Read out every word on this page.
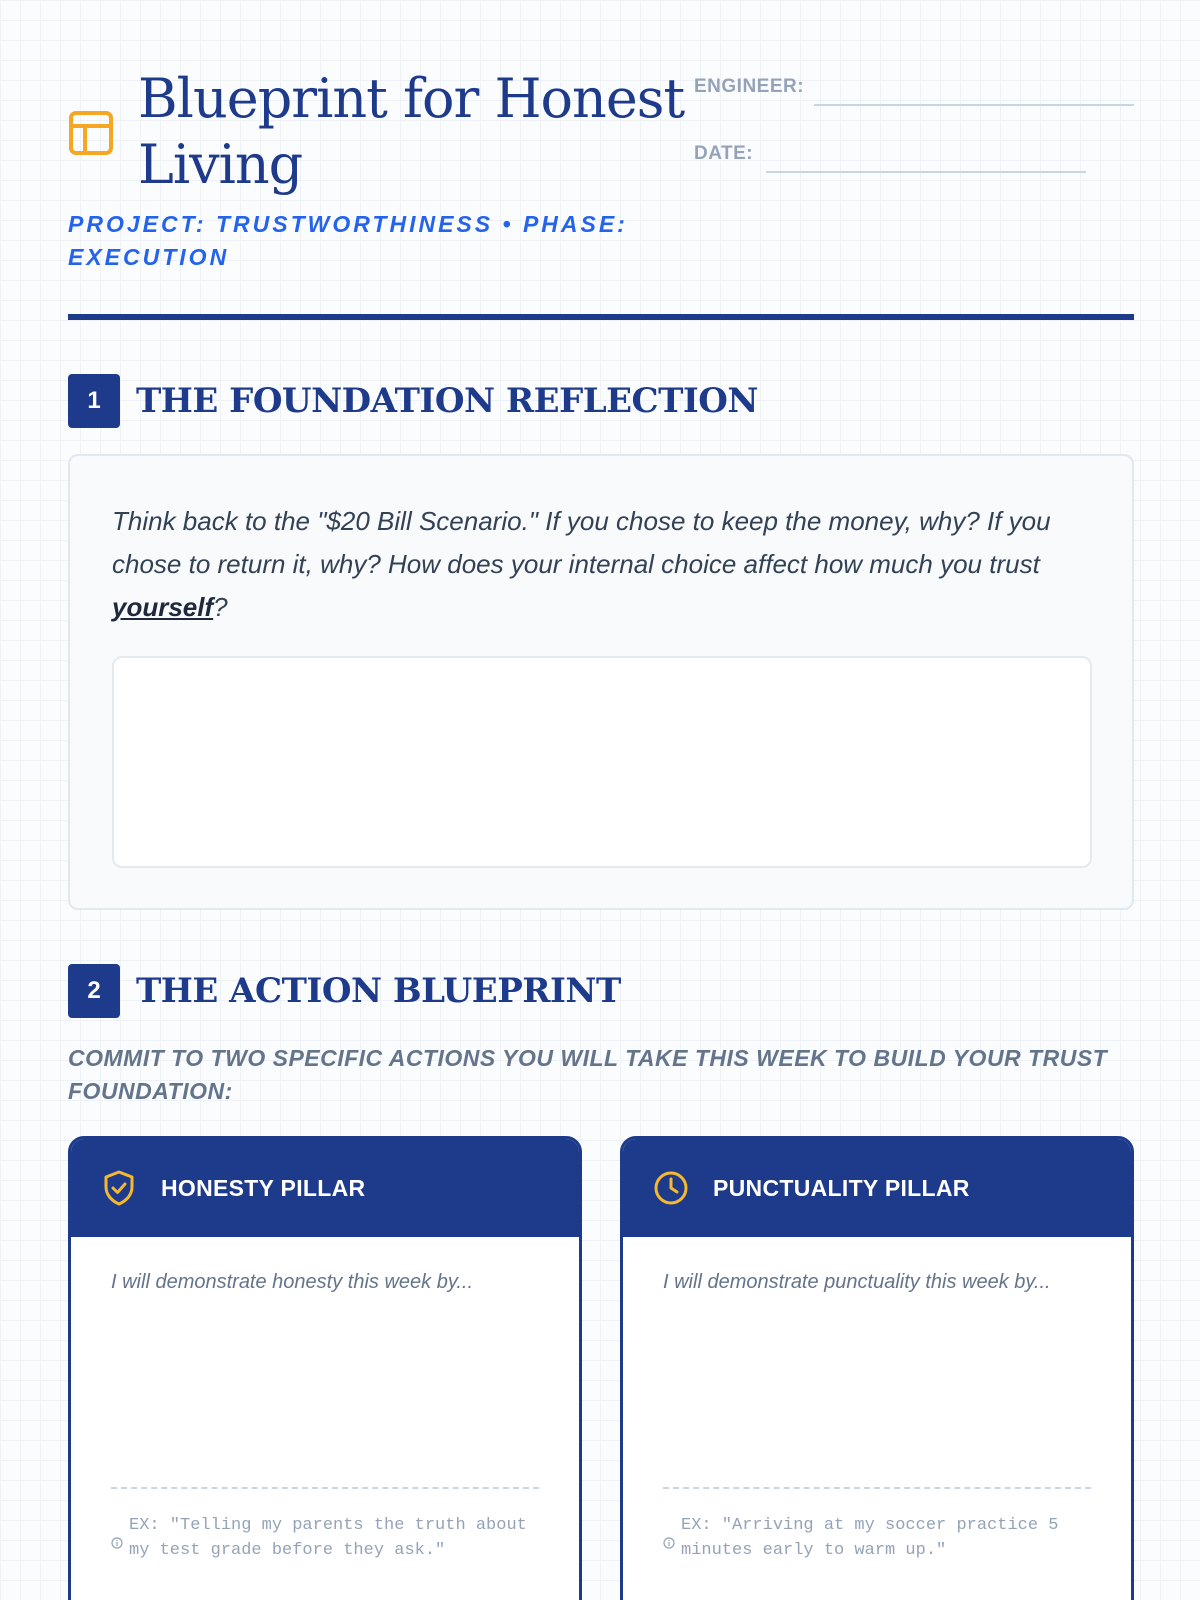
Blueprint for Honest Living
PROJECT: TRUSTWORTHINESS • PHASE: EXECUTION
ENGINEER:
DATE:
1	THE FOUNDATION REFLECTION

Think back to the "$20 Bill Scenario." If you chose to keep the money, why? If you chose to return it, why? How does your internal choice affect how much you trust yourself?

2	THE ACTION BLUEPRINT

COMMIT TO TWO SPECIFIC ACTIONS YOU WILL TAKE THIS WEEK TO BUILD YOUR TRUST FOUNDATION:

HONESTY PILLAR
I will demonstrate honesty this week by...
EX: "Telling my parents the truth about my test grade before they ask."
PUNCTUALITY PILLAR
I will demonstrate punctuality this week by...
EX: "Arriving at my soccer practice 5 minutes early to warm up."
